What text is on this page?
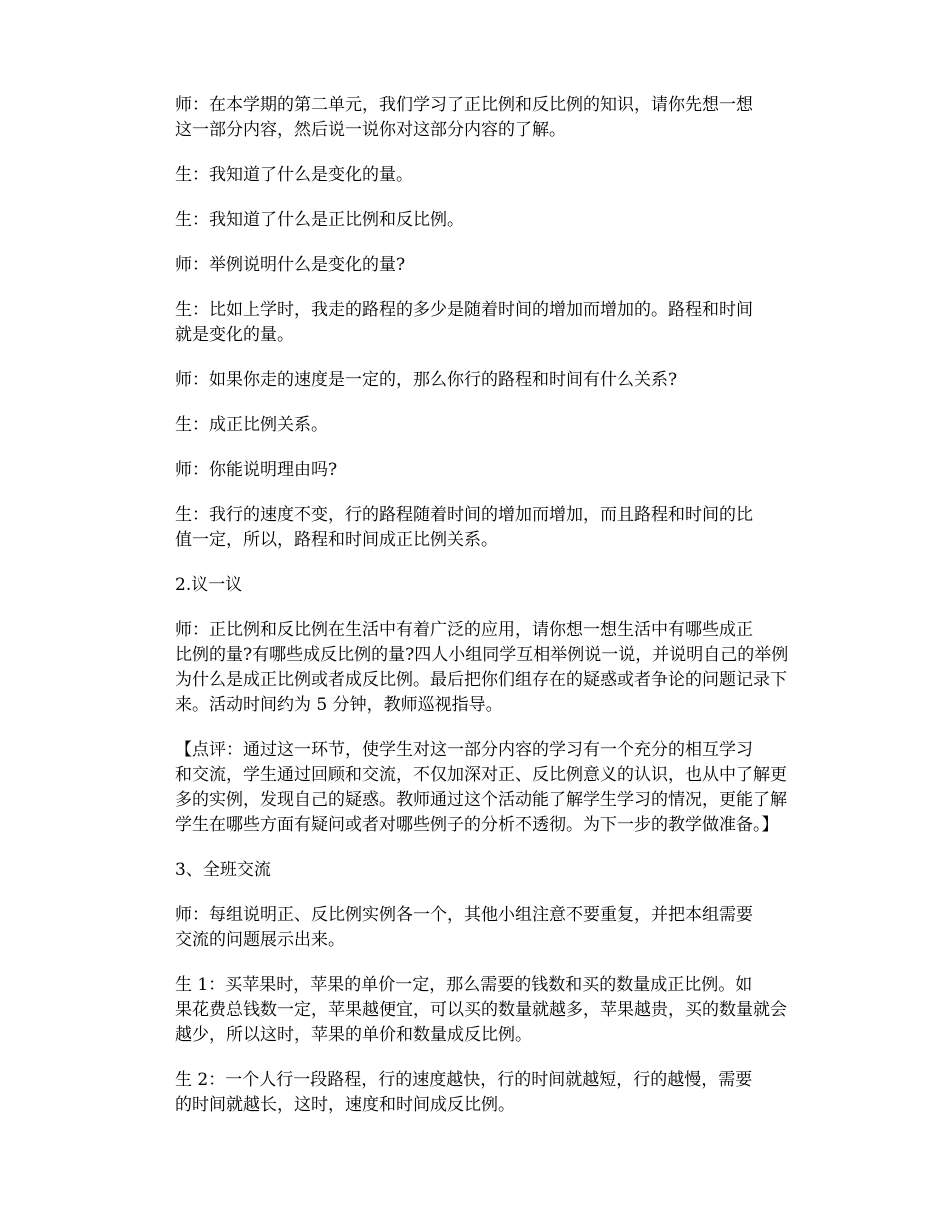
师：在本学期的第二单元，我们学习了正比例和反比例的知识，请你先想一想
这一部分内容，然后说一说你对这部分内容的了解。

生：我知道了什么是变化的量。

生：我知道了什么是正比例和反比例。

师：举例说明什么是变化的量?

生：比如上学时，我走的路程的多少是随着时间的增加而增加的。路程和时间
就是变化的量。

师：如果你走的速度是一定的，那么你行的路程和时间有什么关系?

生：成正比例关系。

师：你能说明理由吗?

生：我行的速度不变，行的路程随着时间的增加而增加，而且路程和时间的比
值一定，所以，路程和时间成正比例关系。

2.议一议

师：正比例和反比例在生活中有着广泛的应用，请你想一想生活中有哪些成正
比例的量?有哪些成反比例的量?四人小组同学互相举例说一说，并说明自己的举例
为什么是成正比例或者成反比例。最后把你们组存在的疑惑或者争论的问题记录下
来。活动时间约为 5 分钟，教师巡视指导。

【点评：通过这一环节，使学生对这一部分内容的学习有一个充分的相互学习
和交流，学生通过回顾和交流，不仅加深对正、反比例意义的认识，也从中了解更
多的实例，发现自己的疑惑。教师通过这个活动能了解学生学习的情况，更能了解
学生在哪些方面有疑问或者对哪些例子的分析不透彻。为下一步的教学做准备。】

3、全班交流

师：每组说明正、反比例实例各一个，其他小组注意不要重复，并把本组需要
交流的问题展示出来。

生 1：买苹果时，苹果的单价一定，那么需要的钱数和买的数量成正比例。如
果花费总钱数一定，苹果越便宜，可以买的数量就越多，苹果越贵，买的数量就会
越少，所以这时，苹果的单价和数量成反比例。

生 2：一个人行一段路程，行的速度越快，行的时间就越短，行的越慢，需要
的时间就越长，这时，速度和时间成反比例。
